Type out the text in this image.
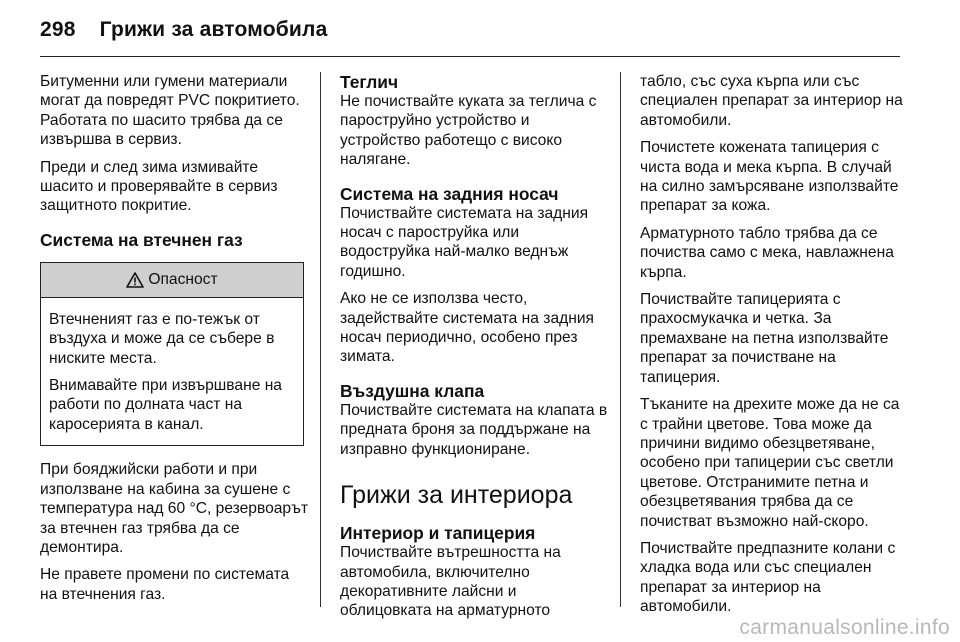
298 Грижи за автомобила

Битуменни или гумени материали могат да повредят PVC покритието. Работата по шасито трябва да се извършва в сервиз.

Преди и след зима измивайте шасито и проверявайте в сервиз защитното покритие.

Система на втечнен газ
Опасност

Втечненият газ е по-тежък от въздуха и може да се събере в ниските места.

Внимавайте при извършване на работи по долната част на каросерията в канал.

При бояджийски работи и при използване на кабина за сушене с температура над 60 °C, резервоарът за втечнен газ трябва да се демонтира.

Не правете промени по системата на втечнения газ.

Теглич

Не почиствайте куката за теглича с пароструйно устройство и устройство работещо с високо налягане.

Система на задния носач

Почиствайте системата на задния носач с пароструйка или водоструйка най-малко веднъж годишно.

Ако не се използва често, задействайте системата на задния носач периодично, особено през зимата.

Въздушна клапа

Почиствайте системата на клапата в предната броня за поддържане на изправно функциониране.

Грижи за интериора
Интериор и тапицерия

Почиствайте вътрешността на автомобила, включително декоративните лайсни и облицовката на арматурното

табло, със суха кърпа или със специален препарат за интериор на автомобили.

Почистете кожената тапицерия с чиста вода и мека кърпа. В случай на силно замърсяване използвайте препарат за кожа.

Арматурното табло трябва да се почиства само с мека, навлажнена кърпа.

Почиствайте тапицерията с прахосмукачка и четка. За премахване на петна използвайте препарат за почистване на тапицерия.

Тъканите на дрехите може да не са с трайни цветове. Това може да причини видимо обезцветяване, особено при тапицерии със светли цветове. Отстранимите петна и обезцветявания трябва да се почистват възможно най-скоро.

Почиствайте предпазните колани с хладка вода или със специален препарат за интериор на автомобили.

carmanualsonline.info
